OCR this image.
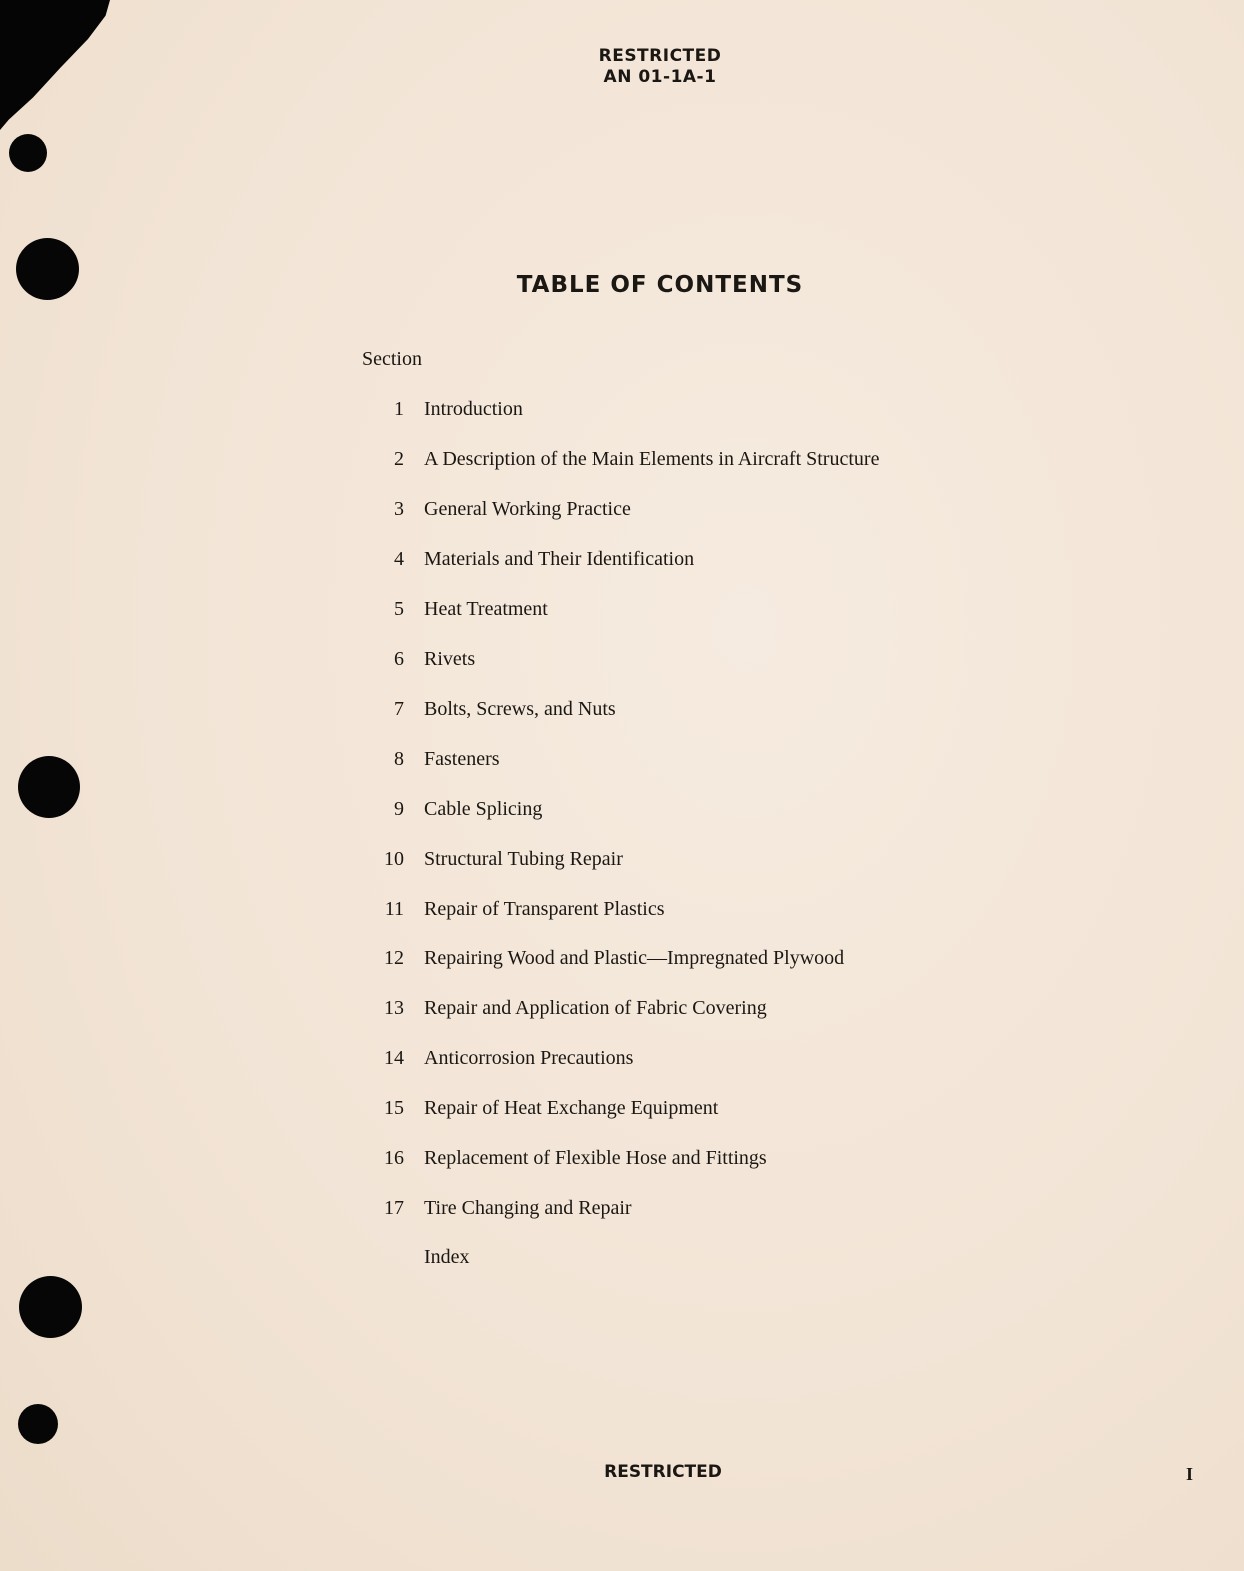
RESTRICTED
AN 01-1A-1
TABLE OF CONTENTS
Section
1 Introduction
2 A Description of the Main Elements in Aircraft Structure
3 General Working Practice
4 Materials and Their Identification
5 Heat Treatment
6 Rivets
7 Bolts, Screws, and Nuts
8 Fasteners
9 Cable Splicing
10 Structural Tubing Repair
11 Repair of Transparent Plastics
12 Repairing Wood and Plastic—Impregnated Plywood
13 Repair and Application of Fabric Covering
14 Anticorrosion Precautions
15 Repair of Heat Exchange Equipment
16 Replacement of Flexible Hose and Fittings
17 Tire Changing and Repair
Index
RESTRICTED	I
